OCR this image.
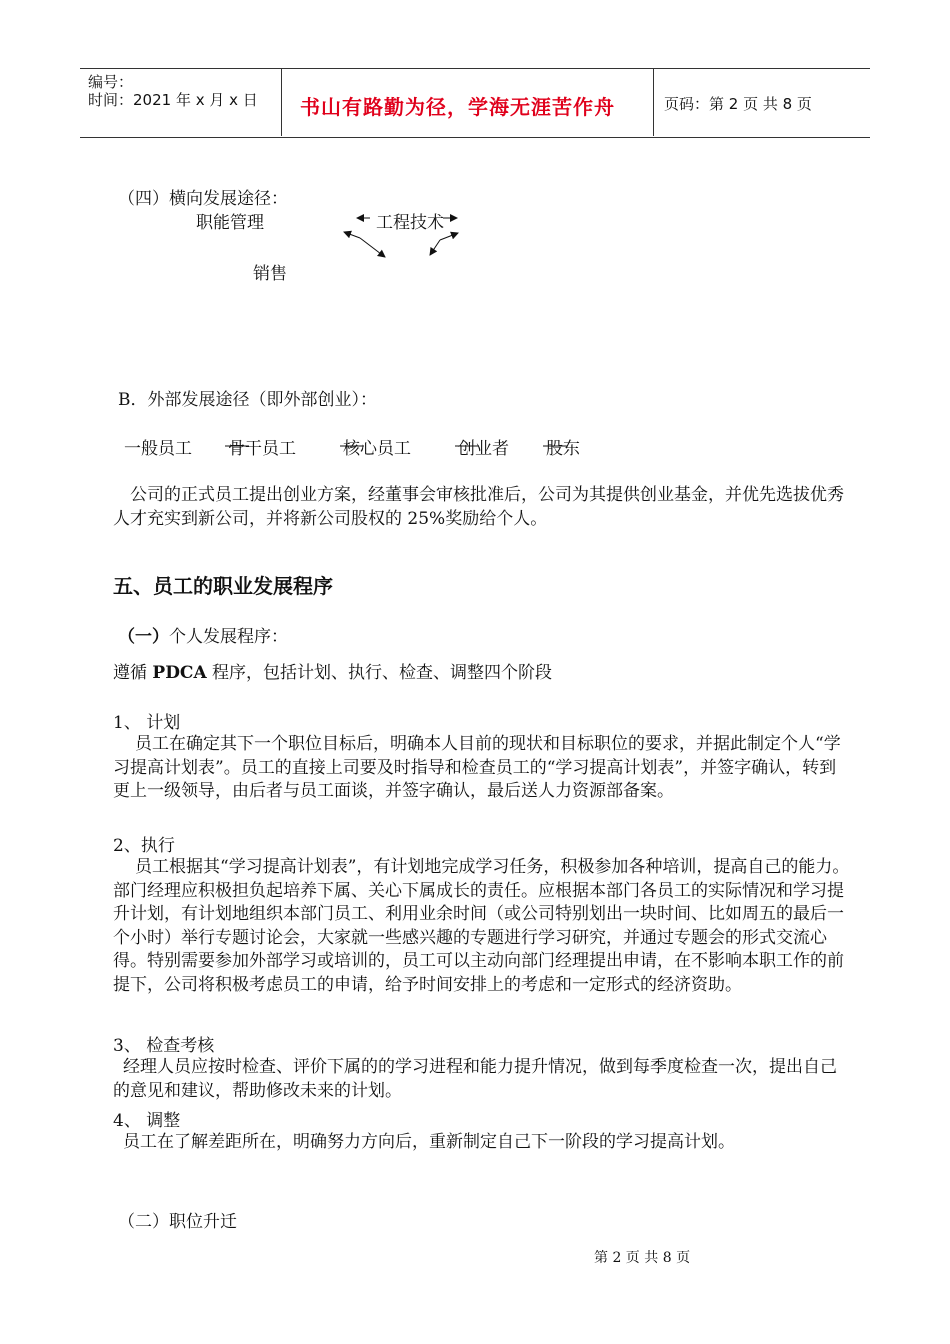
编号：
时间：2021 年 x 月 x 日 书山有路勤为径，学海无涯苦作舟	页码：第 2 页 共 8 页
（四）横向发展途径：
职能管理	工程技术
销售
B．外部发展途径（即外部创业）：
一般员工 骨干员工	核心员工	创业者 股东
公司的正式员工提出创业方案，经董事会审核批准后，公司为其提供创业基金，并优先选拔优秀人才充实到新公司，并将新公司股权的 25%奖励给个人。
五、员工的职业发展程序
（一）个人发展程序：
遵循 PDCA 程序，包括计划、执行、检查、调整四个阶段
1、 计划
员工在确定其下一个职位目标后，明确本人目前的现状和目标职位的要求，并据此制定个人“学习提高计划表”。员工的直接上司要及时指导和检查员工的“学习提高计划表”，并签字确认，转到更上一级领导，由后者与员工面谈，并签字确认，最后送人力资源部备案。
2、执行
员工根据其“学习提高计划表”，有计划地完成学习任务，积极参加各种培训，提高自己的能力。部门经理应积极担负起培养下属、关心下属成长的责任。应根据本部门各员工的实际情况和学习提升计划，有计划地组织本部门员工、利用业余时间（或公司特别划出一块时间、比如周五的最后一个小时）举行专题讨论会，大家就一些感兴趣的专题进行学习研究，并通过专题会的形式交流心得。特别需要参加外部学习或培训的，员工可以主动向部门经理提出申请，在不影响本职工作的前提下，公司将积极考虑员工的申请，给予时间安排上的考虑和一定形式的经济资助。
3、 检查考核
经理人员应按时检查、评价下属的的学习进程和能力提升情况，做到每季度检查一次，提出自己的意见和建议，帮助修改未来的计划。
4、 调整
员工在了解差距所在，明确努力方向后，重新制定自己下一阶段的学习提高计划。
（二）职位升迁
第 2 页 共 8 页
